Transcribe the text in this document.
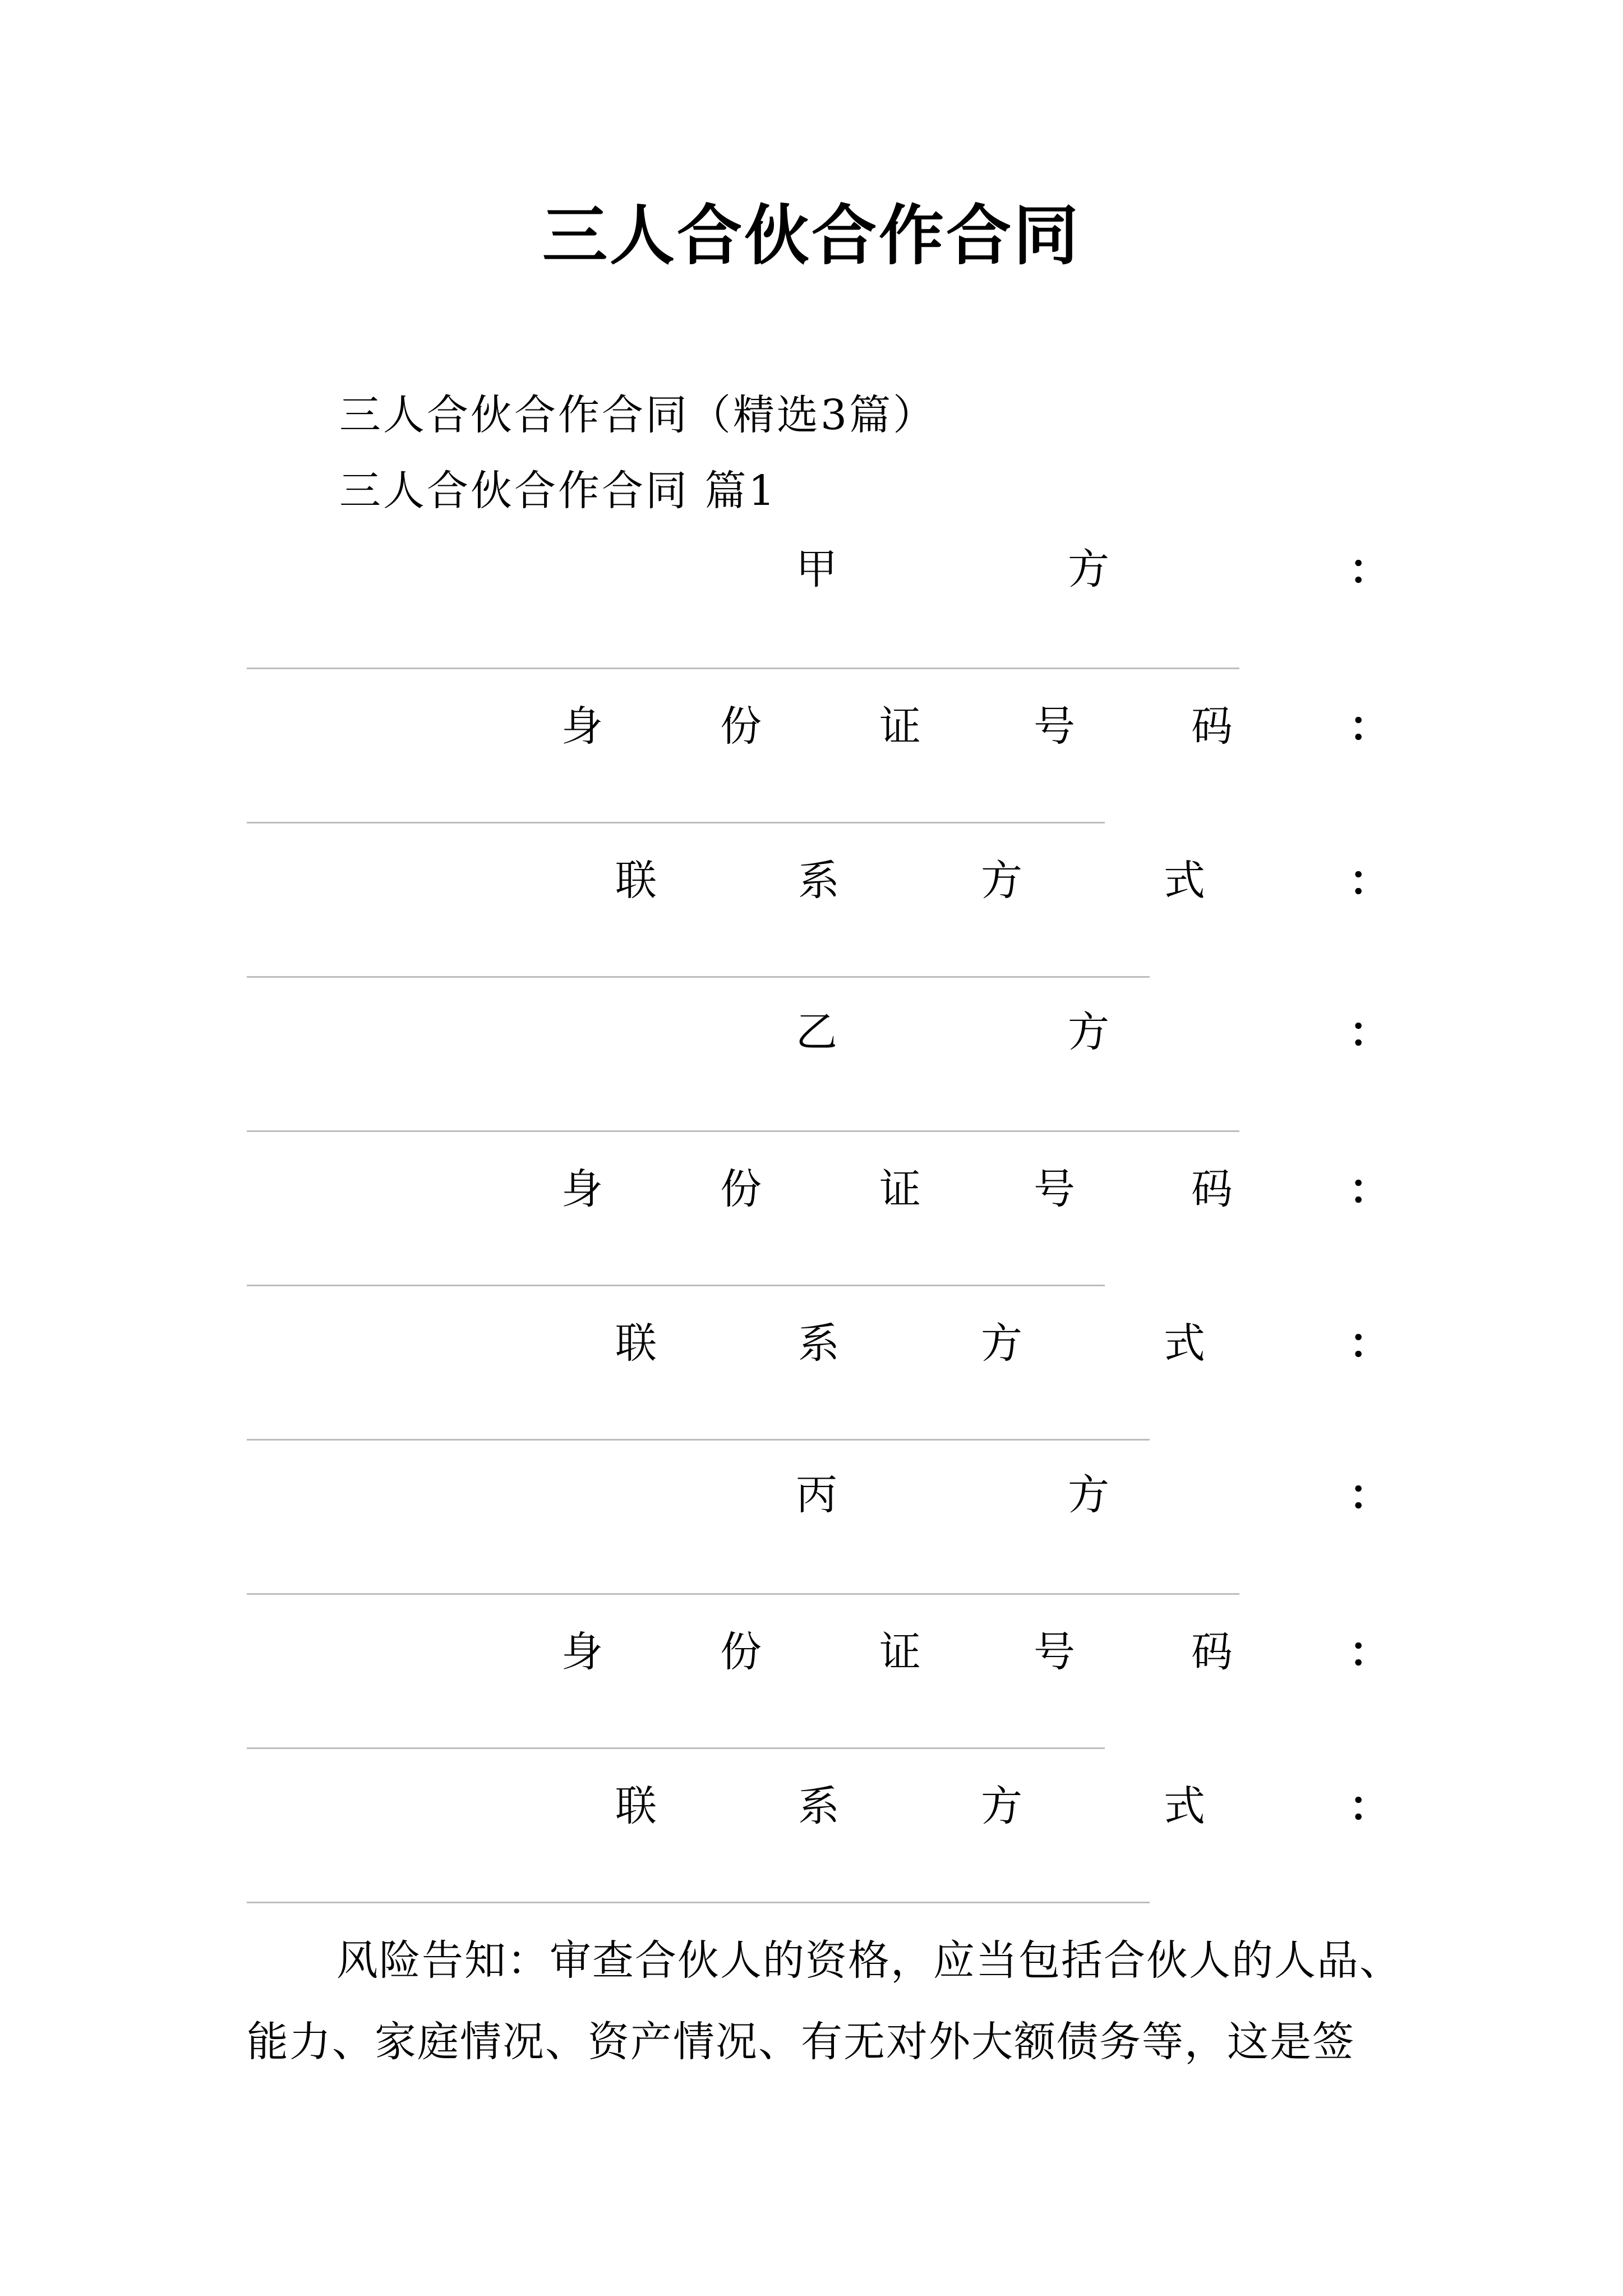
三人合伙合作合同
三人合伙合作合同（精选3篇）
三人合伙合作合同 篇1
甲	方	：
身	份	证	号	码	：
联	系	方	式	：
乙	方	：
身	份	证	号	码	：
联	系	方	式	：
丙	方	：
身	份	证	号	码	：
联	系	方	式	：
风险告知：审查合伙人的资格，应当包括合伙人的人品、
能力、家庭情况、资产情况、有无对外大额债务等，这是签
